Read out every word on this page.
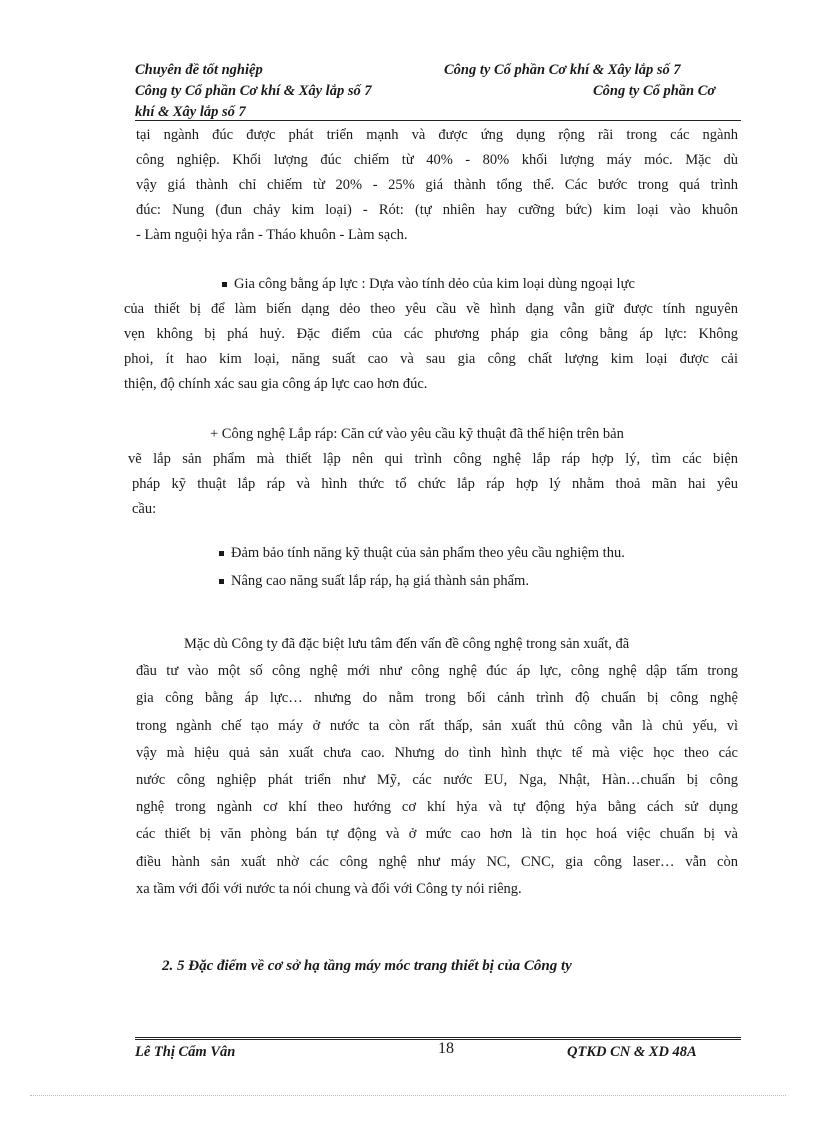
Chuyên đề tốt nghiệp	Công ty Cổ phần Cơ khí & Xây lắp số 7
Công ty Cổ phần Cơ khí & Xây lắp số 7	Công ty Cổ phần Cơ
khí & Xây lắp số 7
tại ngành đúc được phát triển mạnh và được ứng dụng rộng rãi trong các ngành
công nghiệp. Khối lượng đúc chiếm từ 40% - 80% khối lượng máy móc. Mặc dù
vậy giá thành chỉ chiếm từ 20% - 25% giá thành tổng thể. Các bước trong quá trình
đúc: Nung (đun chảy kim loại) - Rót: (tự nhiên hay cưỡng bức) kim loại vào khuôn
- Làm nguội hỷa rắn - Tháo khuôn - Làm sạch.
Gia công bằng áp lực : Dựa vào tính dẻo của kim loại dùng ngoại lực
của thiết bị để làm biến dạng dẻo theo yêu cầu về hình dạng vẫn giữ được tính nguyên
vẹn không bị phá huỷ. Đặc điểm của các phương pháp gia công bằng áp lực: Không
phoi, ít hao kim loại, năng suất cao và sau gia công chất lượng kim loại được cải
thiện, độ chính xác sau gia công áp lực cao hơn đúc.
+ Công nghệ Lắp ráp: Căn cứ vào yêu cầu kỹ thuật đã thể hiện trên bản
vẽ lắp sản phẩm mà thiết lập nên qui trình công nghệ lắp ráp hợp lý, tìm các biện
pháp kỹ thuật lắp ráp và hình thức tổ chức lắp ráp hợp lý nhằm thoả mãn hai yêu
cầu:
Đảm bảo tính năng kỹ thuật của sản phẩm theo yêu cầu nghiệm thu.
Nâng cao năng suất lắp ráp, hạ giá thành sản phẩm.
Mặc dù Công ty đã đặc biệt lưu tâm đến vấn đề công nghệ trong sản xuất, đã
đầu tư vào một số công nghệ mới như công nghệ đúc áp lực, công nghệ dập tấm trong
gia công bằng áp lực… nhưng do nằm trong bối cảnh trình độ chuẩn bị công nghệ
trong ngành chế tạo máy ở nước ta còn rất thấp, sản xuất thủ công vẫn là chủ yếu, vì
vậy mà hiệu quả sản xuất chưa cao. Nhưng do tình hình thực tế mà việc học theo các
nước công nghiệp phát triển như Mỹ, các nước EU, Nga, Nhật, Hàn…chuẩn bị công
nghệ trong ngành cơ khí theo hướng cơ khí hỷa và tự động hỷa bằng cách sử dụng
các thiết bị văn phòng bán tự động và ở mức cao hơn là tin học hoá việc chuẩn bị và
điều hành sản xuất nhờ các công nghệ như máy NC, CNC, gia công laser… vẫn còn
xa tầm với đối với nước ta nói chung và đối với Công ty nói riêng.
2. 5 Đặc điểm về cơ sở hạ tầng máy móc trang thiết bị của Công ty
Lê Thị Cẩm Vân	18	QTKD CN & XD 48A
